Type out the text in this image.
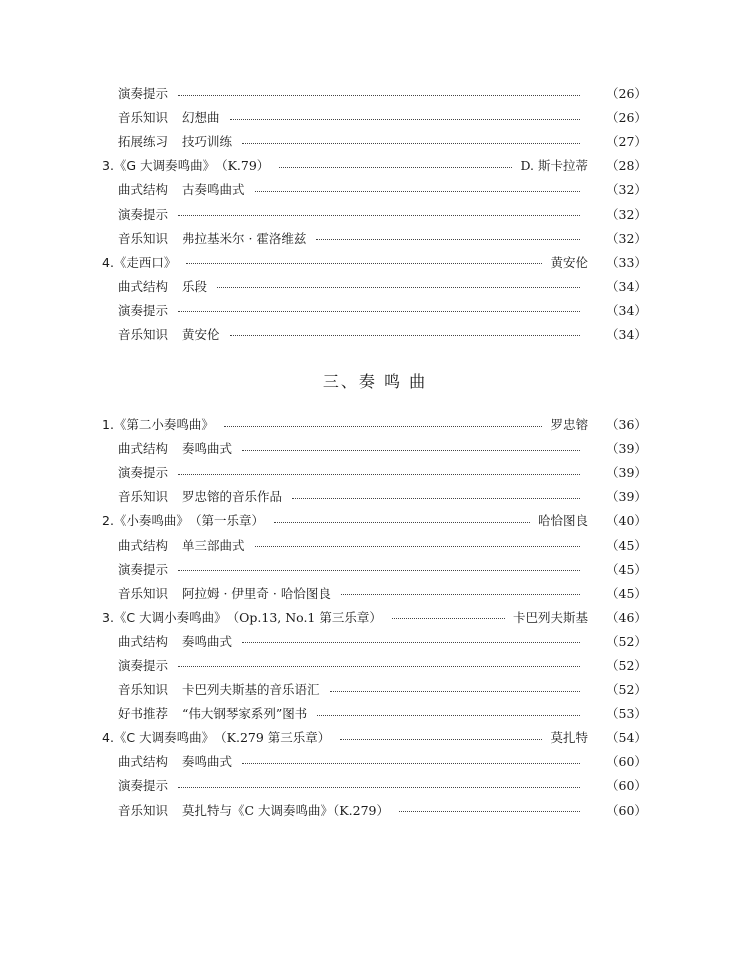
演奏提示	（26）
音乐知识 幻想曲	（26）
拓展练习 技巧训练	（27）
3.《G 大调奏鸣曲》 （K.79）	D. 斯卡拉蒂 （28）
曲式结构 古奏鸣曲式	（32）
演奏提示	（32）
音乐知识 弗拉基米尔 · 霍洛维兹	（32）
4.《走西口》	黄安伦 （33）
曲式结构 乐段	（34）
演奏提示	（34）
音乐知识 黄安伦	（34）
三、奏 鸣 曲
1.《第二小奏鸣曲》	罗忠镕 （36）
曲式结构 奏鸣曲式	（39）
演奏提示	（39）
音乐知识 罗忠镕的音乐作品	（39）
2.《小奏鸣曲》 （第一乐章）	哈恰图良 （40）
曲式结构 单三部曲式	（45）
演奏提示	（45）
音乐知识 阿拉姆 · 伊里奇 · 哈恰图良	（45）
3.《C 大调小奏鸣曲》 （Op.13, No.1 第三乐章）	卡巴列夫斯基 （46）
曲式结构 奏鸣曲式	（52）
演奏提示	（52）
音乐知识 卡巴列夫斯基的音乐语汇	（52）
好书推荐 “伟大钢琴家系列”图书	（53）
4.《C 大调奏鸣曲》 （K.279 第三乐章）	莫扎特 （54）
曲式结构 奏鸣曲式	（60）
演奏提示	（60）
音乐知识 莫扎特与《C 大调奏鸣曲》（K.279）	（60）
